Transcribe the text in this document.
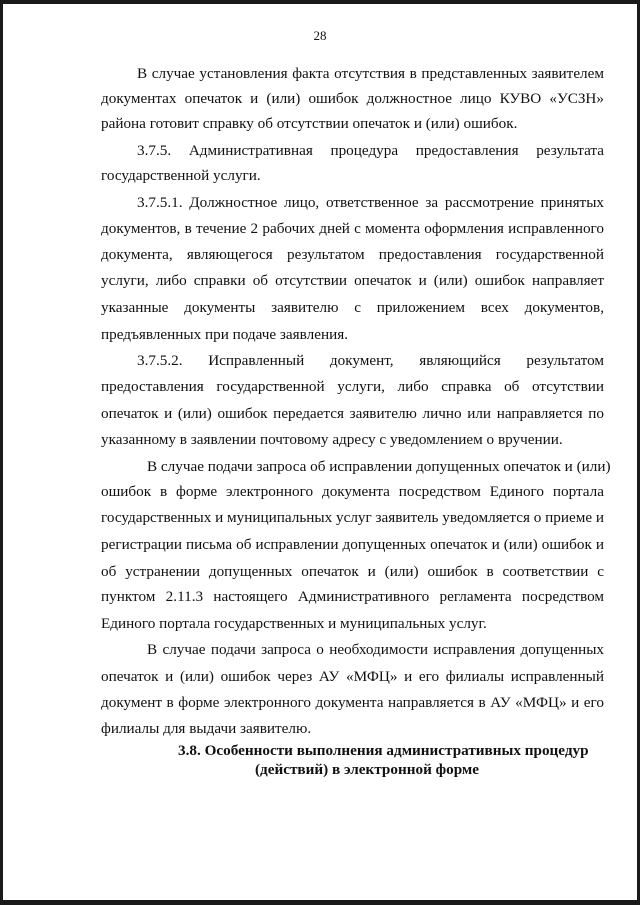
28
В случае установления факта отсутствия в представленных заявителем
документах опечаток и (или) ошибок должностное лицо КУВО «УСЗН»
района готовит справку об отсутствии опечаток и (или) ошибок.
3.7.5. Административная процедура предоставления результата
государственной услуги.
3.7.5.1. Должностное лицо, ответственное за рассмотрение принятых
документов, в течение 2 рабочих дней с момента оформления исправленного
документа, являющегося результатом предоставления государственной
услуги, либо справки об отсутствии опечаток и (или) ошибок направляет
указанные документы заявителю с приложением всех документов,
предъявленных при подаче заявления.
3.7.5.2. Исправленный документ, являющийся результатом
предоставления государственной услуги, либо справка об отсутствии
опечаток и (или) ошибок передается заявителю лично или направляется по
указанному в заявлении почтовому адресу с уведомлением о вручении.
В случае подачи запроса об исправлении допущенных опечаток и (или)
ошибок в форме электронного документа посредством Единого портала
государственных и муниципальных услуг заявитель уведомляется о приеме и
регистрации письма об исправлении допущенных опечаток и (или) ошибок и
об устранении допущенных опечаток и (или) ошибок в соответствии с
пунктом 2.11.3 настоящего Административного регламента посредством
Единого портала государственных и муниципальных услуг.
В случае подачи запроса о необходимости исправления допущенных
опечаток и (или) ошибок через АУ «МФЦ» и его филиалы исправленный
документ в форме электронного документа направляется в АУ «МФЦ» и его
филиалы для выдачи заявителю.
3.8. Особенности выполнения административных процедур
(действий) в электронной форме
